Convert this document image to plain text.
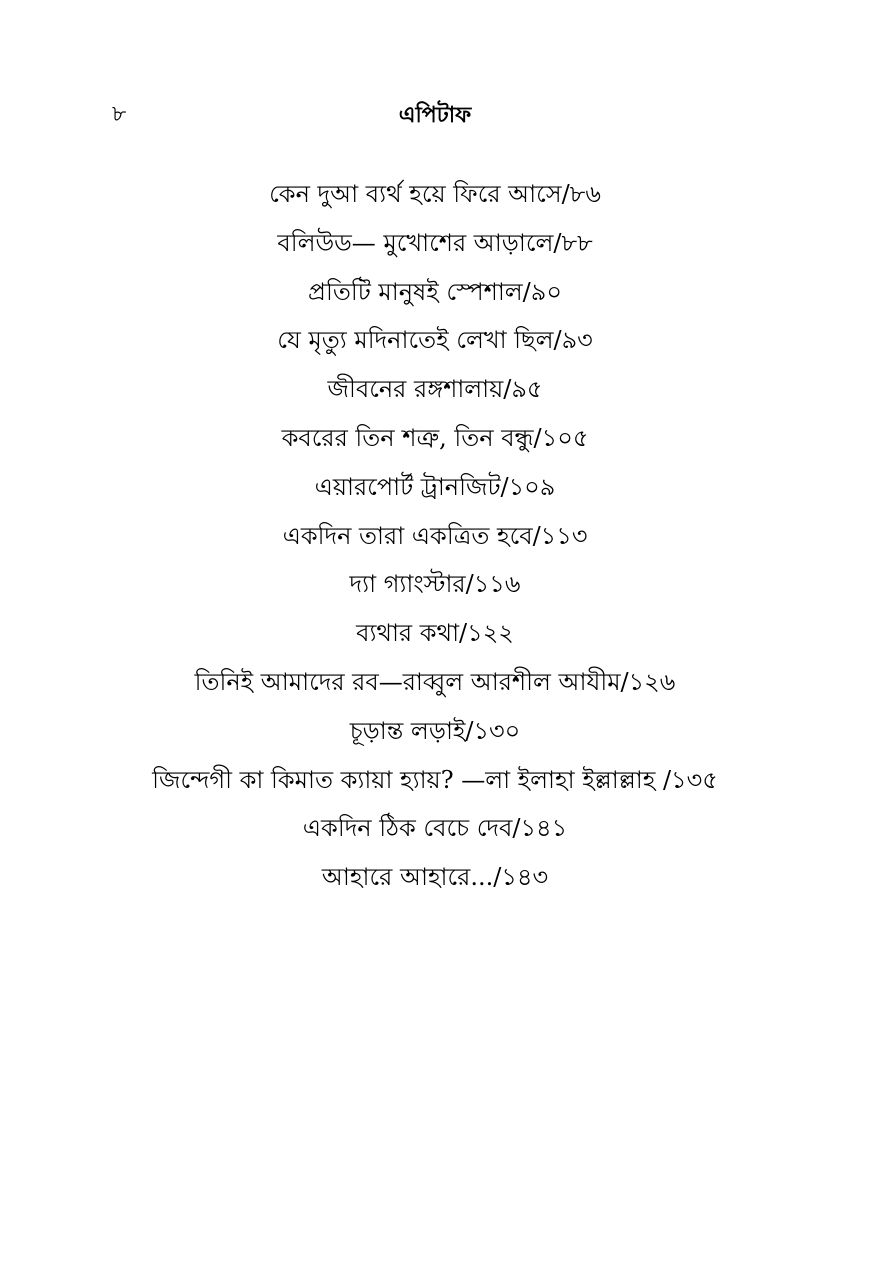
৮	এপিটাফ
কেন দুআ ব্যর্থ হয়ে ফিরে আসে/৮৬
বলিউড— মুখোশের আড়ালে/৮৮
প্রতিটি মানুষই স্পেশাল/৯০
যে মৃত্যু মদিনাতেই লেখা ছিল/৯৩
জীবনের রঙ্গশালায়/৯৫
কবরের তিন শত্রু, তিন বন্ধু/১০৫
এয়ারপোর্ট ট্রানজিট/১০৯
একদিন তারা একত্রিত হবে/১১৩
দ্যা গ্যাংস্টার/১১৬
ব্যথার কথা/১২২
তিনিই আমাদের রব—রাব্বুল আরশীল আযীম/১২৬
চূড়ান্ত লড়াই/১৩০
জিন্দেগী কা কিমাত ক্যায়া হ্যায়? —লা ইলাহা ইল্লাল্লাহ /১৩৫
একদিন ঠিক বেচে দেব/১৪১
আহারে আহারে.../১৪৩
